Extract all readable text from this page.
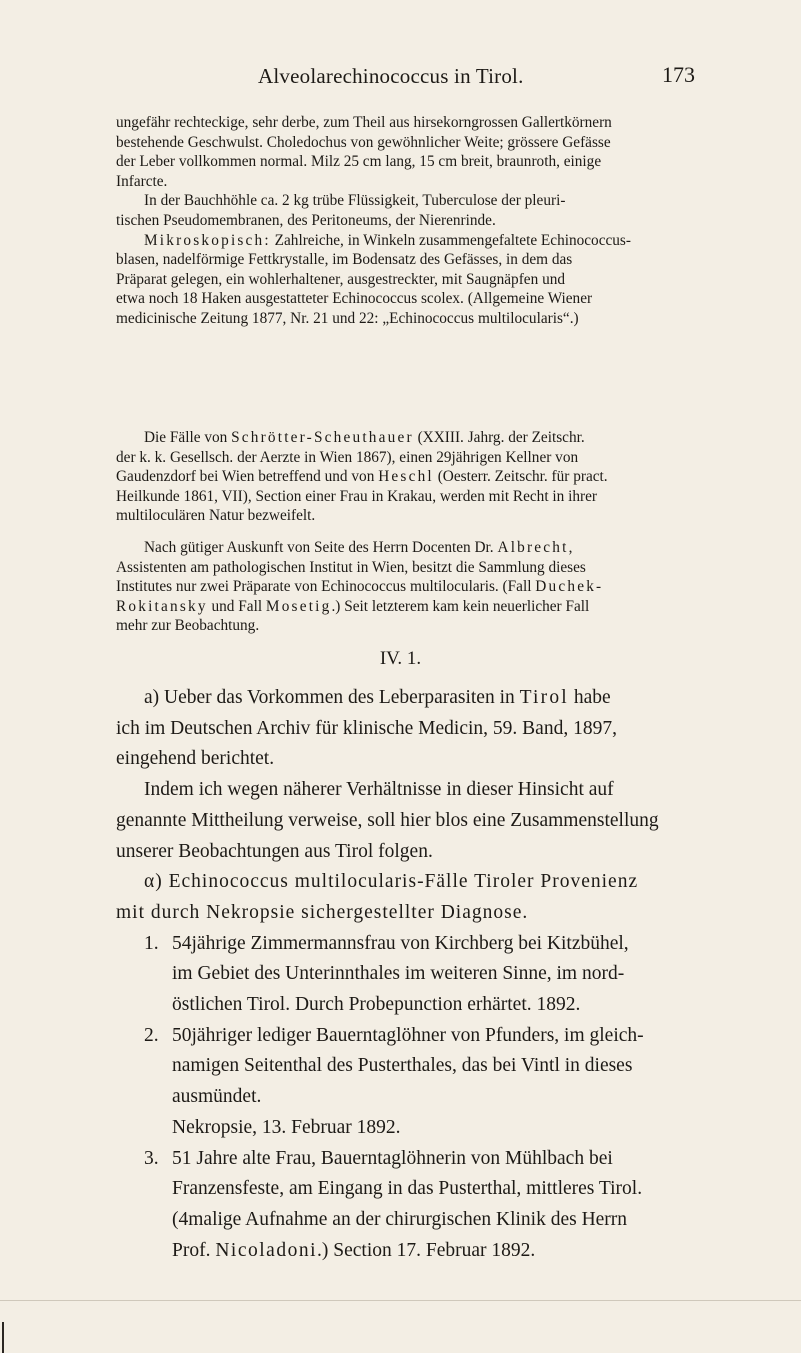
Alveolarechinococcus in Tirol.	173

ungefähr rechteckige, sehr derbe, zum Theil aus hirsekorngrossen Gallertkörnern

bestehende Geschwulst. Choledochus von gewöhnlicher Weite; grössere Gefässe

der Leber vollkommen normal. Milz 25 cm lang, 15 cm breit, braunroth, einige

Infarcte.

In der Bauchhöhle ca. 2 kg trübe Flüssigkeit, Tuberculose der pleuri-

tischen Pseudomembranen, des Peritoneums, der Nierenrinde.

Mikroskopisch: Zahlreiche, in Winkeln zusammengefaltete Echinococcus-

blasen, nadelförmige Fettkrystalle, im Bodensatz des Gefässes, in dem das

Präparat gelegen, ein wohlerhaltener, ausgestreckter, mit Saugnäpfen und

etwa noch 18 Haken ausgestatteter Echinococcus scolex. (Allgemeine Wiener

medicinische Zeitung 1877, Nr. 21 und 22: „Echinococcus multilocularis“.)

Die Fälle von Schrötter-Scheuthauer (XXIII. Jahrg. der Zeitschr.

der k. k. Gesellsch. der Aerzte in Wien 1867), einen 29jährigen Kellner von

Gaudenzdorf bei Wien betreffend und von Heschl (Oesterr. Zeitschr. für pract.

Heilkunde 1861, VII), Section einer Frau in Krakau, werden mit Recht in ihrer

multiloculären Natur bezweifelt.

Nach gütiger Auskunft von Seite des Herrn Docenten Dr. Albrecht,

Assistenten am pathologischen Institut in Wien, besitzt die Sammlung dieses

Institutes nur zwei Präparate von Echinococcus multilocularis. (Fall Duchek-

Rokitansky und Fall Mosetig.) Seit letzterem kam kein neuerlicher Fall

mehr zur Beobachtung.

IV. 1.

a) Ueber das Vorkommen des Leberparasiten in Tirol habe

ich im Deutschen Archiv für klinische Medicin, 59. Band, 1897,

eingehend berichtet.

Indem ich wegen näherer Verhältnisse in dieser Hinsicht auf

genannte Mittheilung verweise, soll hier blos eine Zusammenstellung

unserer Beobachtungen aus Tirol folgen.

α) Echinococcus multilocularis-Fälle Tiroler Provenienz

mit durch Nekropsie sichergestellter Diagnose.

1. 54jährige Zimmermannsfrau von Kirchberg bei Kitzbühel,

im Gebiet des Unterinnthales im weiteren Sinne, im nord-

östlichen Tirol. Durch Probepunction erhärtet. 1892.

2. 50jähriger lediger Bauerntaglöhner von Pfunders, im gleich-

namigen Seitenthal des Pusterthales, das bei Vintl in dieses

ausmündet.

Nekropsie, 13. Februar 1892.

3. 51 Jahre alte Frau, Bauerntaglöhnerin von Mühlbach bei

Franzensfeste, am Eingang in das Pusterthal, mittleres Tirol.

(4malige Aufnahme an der chirurgischen Klinik des Herrn

Prof. Nicoladoni.) Section 17. Februar 1892.
